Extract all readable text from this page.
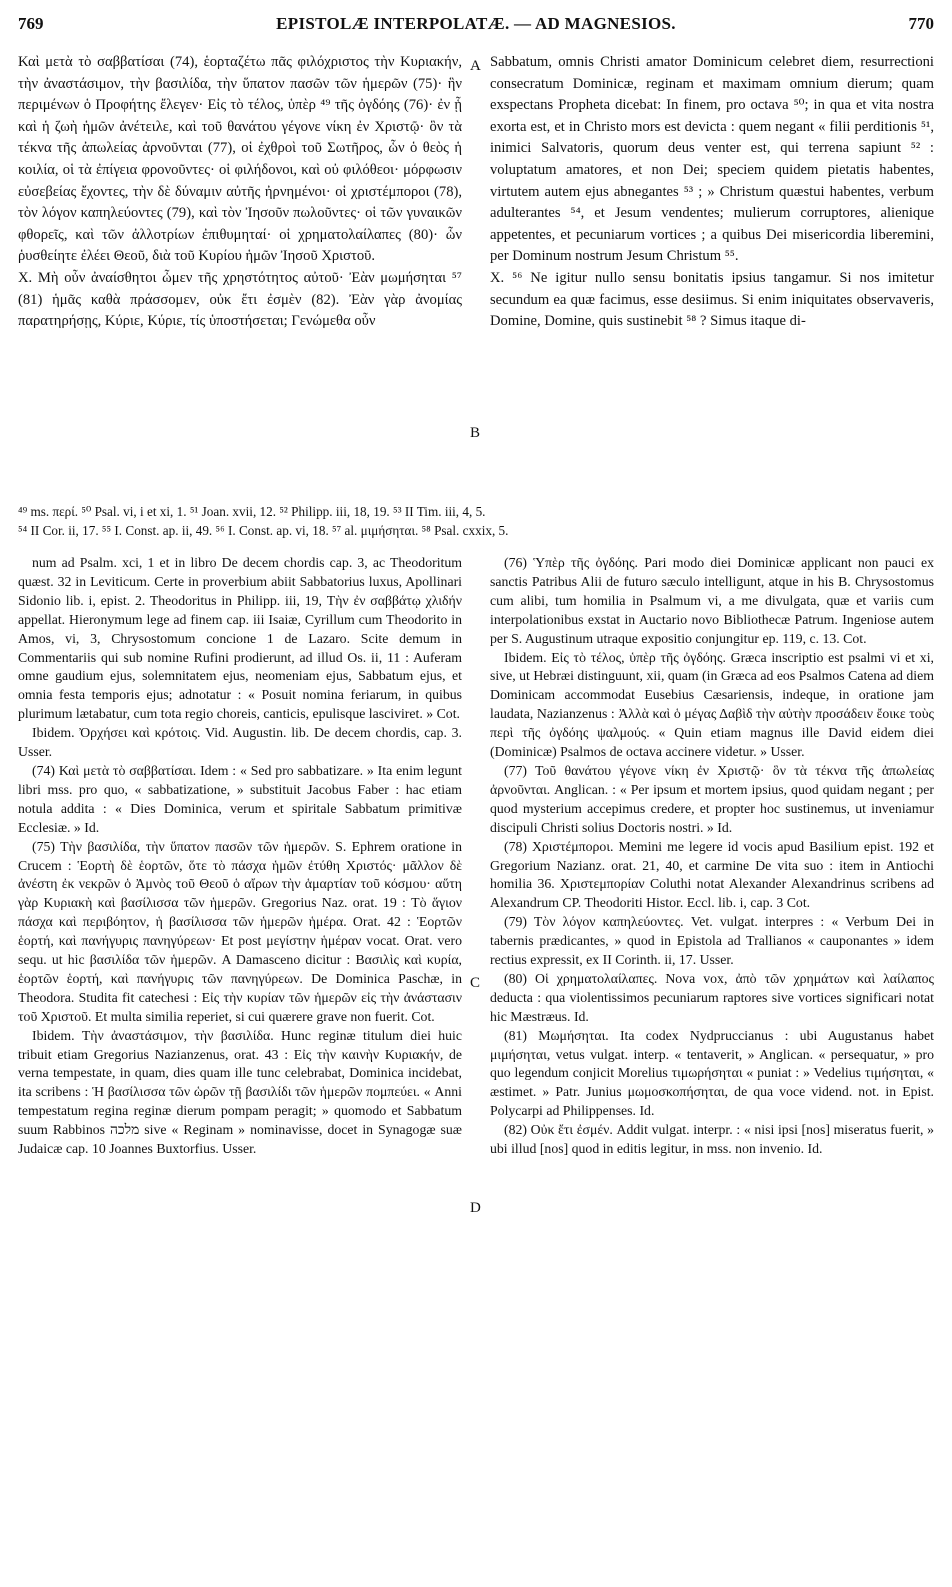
769	EPISTOLÆ INTERPOLATÆ. — AD MAGNESIOS.	770
A
B
C
D

Καὶ μετὰ τὸ σαββατίσαι (74), ἑορταζέτω πᾶς φιλόχριστος τὴν Κυριακήν, τὴν ἀναστάσιμον, τὴν βασιλίδα, τὴν ὕπατον πασῶν τῶν ἡμερῶν (75)· ἣν περιμένων ὁ Προφήτης ἔλεγεν· Εἰς τὸ τέλος, ὑπὲρ ⁴⁹ τῆς ὀγδόης (76)· ἐν ᾗ καὶ ἡ ζωὴ ἡμῶν ἀνέτειλε, καὶ τοῦ θανάτου γέγονε νίκη ἐν Χριστῷ· ὃν τὰ τέκνα τῆς ἀπωλείας ἀρνοῦνται (77), οἱ ἐχθροὶ τοῦ Σωτῆρος, ὧν ὁ θεὸς ἡ κοιλία, οἱ τὰ ἐπίγεια φρονοῦντες· οἱ φιλήδονοι, καὶ οὐ φιλόθεοι· μόρφωσιν εὐσεβείας ἔχοντες, τὴν δὲ δύναμιν αὐτῆς ἠρνημένοι· οἱ χριστέμποροι (78), τὸν λόγον καπηλεύοντες (79), καὶ τὸν Ἰησοῦν πωλοῦντες· οἱ τῶν γυναικῶν φθορεῖς, καὶ τῶν ἀλλοτρίων ἐπιθυμηταί· οἱ χρηματολαίλαπες (80)· ὧν ῥυσθείητε ἐλέει Θεοῦ, διὰ τοῦ Κυρίου ἡμῶν Ἰησοῦ Χριστοῦ.

X. Μὴ οὖν ἀναίσθητοι ὦμεν τῆς χρηστότητος αὐτοῦ· Ἐὰν μωμήσηται ⁵⁷ (81) ἡμᾶς καθὰ πράσσομεν, οὐκ ἔτι ἐσμὲν (82). Ἐὰν γὰρ ἀνομίας παρατηρήσῃς, Κύριε, Κύριε, τίς ὑποστήσεται; Γενώμεθα οὖν

Sabbatum, omnis Christi amator Dominicum celebret diem, resurrectioni consecratum Dominicæ, reginam et maximam omnium dierum; quam exspectans Propheta dicebat: In finem, pro octava ⁵⁰; in qua et vita nostra exorta est, et in Christo mors est devicta : quem negant « filii perditionis ⁵¹, inimici Salvatoris, quorum deus venter est, qui terrena sapiunt ⁵² : voluptatum amatores, et non Dei; speciem quidem pietatis habentes, virtutem autem ejus abnegantes ⁵³ ; » Christum quæstui habentes, verbum adulterantes ⁵⁴, et Jesum vendentes; mulierum corruptores, alienique appetentes, et pecuniarum vortices ; a quibus Dei misericordia liberemini, per Dominum nostrum Jesum Christum ⁵⁵.

X. ⁵⁶ Ne igitur nullo sensu bonitatis ipsius tangamur. Si nos imitetur secundum ea quæ facimus, esse desiimus. Si enim iniquitates observaveris, Domine, Domine, quis sustinebit ⁵⁸ ? Simus itaque di-

⁴⁹ ms. περί. ⁵⁰ Psal. vi, i et xi, 1. ⁵¹ Joan. xvii, 12. ⁵² Philipp. iii, 18, 19. ⁵³ II Tim. iii, 4, 5.

⁵⁴ II Cor. ii, 17. ⁵⁵ I. Const. ap. ii, 49. ⁵⁶ I. Const. ap. vi, 18. ⁵⁷ al. μιμήσηται. ⁵⁸ Psal. cxxix, 5.

num ad Psalm. xci, 1 et in libro De decem chordis cap. 3, ac Theodoritum quæst. 32 in Leviticum. Certe in proverbium abiit Sabbatorius luxus, Apollinari Sidonio lib. i, epist. 2. Theodoritus in Philipp. iii, 19, Τὴν ἐν σαββάτῳ χλιδήν appellat. Hieronymum lege ad finem cap. iii Isaiæ, Cyrillum cum Theodorito in Amos, vi, 3, Chrysostomum concione 1 de Lazaro. Scite demum in Commentariis qui sub nomine Rufini prodierunt, ad illud Os. ii, 11 : Auferam omne gaudium ejus, solemnitatem ejus, neomeniam ejus, Sabbatum ejus, et omnia festa temporis ejus; adnotatur : « Posuit nomina feriarum, in quibus plurimum lætabatur, cum tota regio choreis, canticis, epulisque lasciviret. » Cot.

Ibidem. Ὀρχήσει καὶ κρότοις. Vid. Augustin. lib. De decem chordis, cap. 3. Usser.

(74) Καὶ μετὰ τὸ σαββατίσαι. Idem : « Sed pro sabbatizare. » Ita enim legunt libri mss. pro quo, « sabbatizatione, » substituit Jacobus Faber : hac etiam notula addita : « Dies Dominica, verum et spiritale Sabbatum primitivæ Ecclesiæ. » Id.

(75) Τὴν βασιλίδα, τὴν ὕπατον πασῶν τῶν ἡμερῶν. S. Ephrem oratione in Crucem : Ἑορτὴ δὲ ἑορτῶν, ὅτε τὸ πάσχα ἡμῶν ἐτύθη Χριστός· μᾶλλον δὲ ἀνέστη ἐκ νεκρῶν ὁ Ἀμνὸς τοῦ Θεοῦ ὁ αἴρων τὴν ἁμαρτίαν τοῦ κόσμου· αὕτη γὰρ Κυριακὴ καὶ βασίλισσα τῶν ἡμερῶν. Gregorius Naz. orat. 19 : Τὸ ἅγιον πάσχα καὶ περιβόητον, ἡ βασίλισσα τῶν ἡμερῶν ἡμέρα. Orat. 42 : Ἑορτῶν ἑορτή, καὶ πανήγυρις πανηγύρεων· Et post μεγίστην ἡμέραν vocat. Orat. vero sequ. ut hic βασιλίδα τῶν ἡμερῶν. A Damasceno dicitur : Βασιλὶς καὶ κυρία, ἑορτῶν ἑορτή, καὶ πανήγυρις τῶν πανηγύρεων. De Dominica Paschæ, in Theodora. Studita fit catechesi : Εἰς τὴν κυρίαν τῶν ἡμερῶν εἰς τὴν ἀνάστασιν τοῦ Χριστοῦ. Et multa similia reperiet, si cui quærere grave non fuerit. Cot.

Ibidem. Τὴν ἀναστάσιμον, τὴν βασιλίδα. Hunc reginæ titulum diei huic tribuit etiam Gregorius Nazianzenus, orat. 43 : Εἰς τὴν καινὴν Κυριακήν, de verna tempestate, in quam, dies quam ille tunc celebrabat, Dominica incidebat, ita scribens : Ἡ βασίλισσα τῶν ὡρῶν τῇ βασιλίδι τῶν ἡμερῶν πομπεύει. « Anni tempestatum regina reginæ dierum pompam peragit; » quomodo et Sabbatum suum Rabbinos מלכה sive « Reginam » nominavisse, docet in Synagogæ suæ Judaicæ cap. 10 Joannes Buxtorfius. Usser.

(76) Ὑπὲρ τῆς ὀγδόης. Pari modo diei Dominicæ applicant non pauci ex sanctis Patribus Alii de futuro sæculo intelligunt, atque in his B. Chrysostomus cum alibi, tum homilia in Psalmum vi, a me divulgata, quæ et variis cum interpolationibus exstat in Auctario novo Bibliothecæ Patrum. Ingeniose autem per S. Augustinum utraque expositio conjungitur ep. 119, c. 13. Cot.

Ibidem. Εἰς τὸ τέλος, ὑπὲρ τῆς ὀγδόης. Græca inscriptio est psalmi vi et xi, sive, ut Hebræi distinguunt, xii, quam (in Græca ad eos Psalmos Catena ad diem Dominicam accommodat Eusebius Cæsariensis, indeque, in oratione jam laudata, Nazianzenus : Ἀλλὰ καὶ ὁ μέγας Δαβὶδ τὴν αὐτὴν προσάδειν ἔοικε τοὺς περὶ τῆς ὀγδόης ψαλμούς. « Quin etiam magnus ille David eidem diei (Dominicæ) Psalmos de octava accinere videtur. » Usser.

(77) Τοῦ θανάτου γέγονε νίκη ἐν Χριστῷ· ὃν τὰ τέκνα τῆς ἀπωλείας ἀρνοῦνται. Anglican. : « Per ipsum et mortem ipsius, quod quidam negant ; per quod mysterium accepimus credere, et propter hoc sustinemus, ut inveniamur discipuli Christi solius Doctoris nostri. » Id.

(78) Χριστέμποροι. Memini me legere id vocis apud Basilium epist. 192 et Gregorium Nazianz. orat. 21, 40, et carmine De vita suo : item in Antiochi homilia 36. Χριστεμπορίαν Coluthi notat Alexander Alexandrinus scribens ad Alexandrum CP. Theodoriti Histor. Eccl. lib. i, cap. 3 Cot.

(79) Τὸν λόγον καπηλεύοντες. Vet. vulgat. interpres : « Verbum Dei in tabernis prædicantes, » quod in Epistola ad Trallianos « cauponantes » idem rectius expressit, ex II Corinth. ii, 17. Usser.

(80) Οἱ χρηματολαίλαπες. Nova vox, ἀπὸ τῶν χρημάτων καὶ λαίλαπος deducta : qua violentissimos pecuniarum raptores sive vortices significari notat hic Mæstræus. Id.

(81) Μωμήσηται. Ita codex Nydpruccianus : ubi Augustanus habet μιμήσηται, vetus vulgat. interp. « tentaverit, » Anglican. « persequatur, » pro quo legendum conjicit Morelius τιμωρήσηται « puniat : » Vedelius τιμήσηται, « æstimet. » Patr. Junius μωμοσκοπήσηται, de qua voce vidend. not. in Epist. Polycarpi ad Philippenses. Id.

(82) Οὐκ ἔτι ἐσμέν. Addit vulgat. interpr. : « nisi ipsi [nos] miseratus fuerit, » ubi illud [nos] quod in editis legitur, in mss. non invenio. Id.
